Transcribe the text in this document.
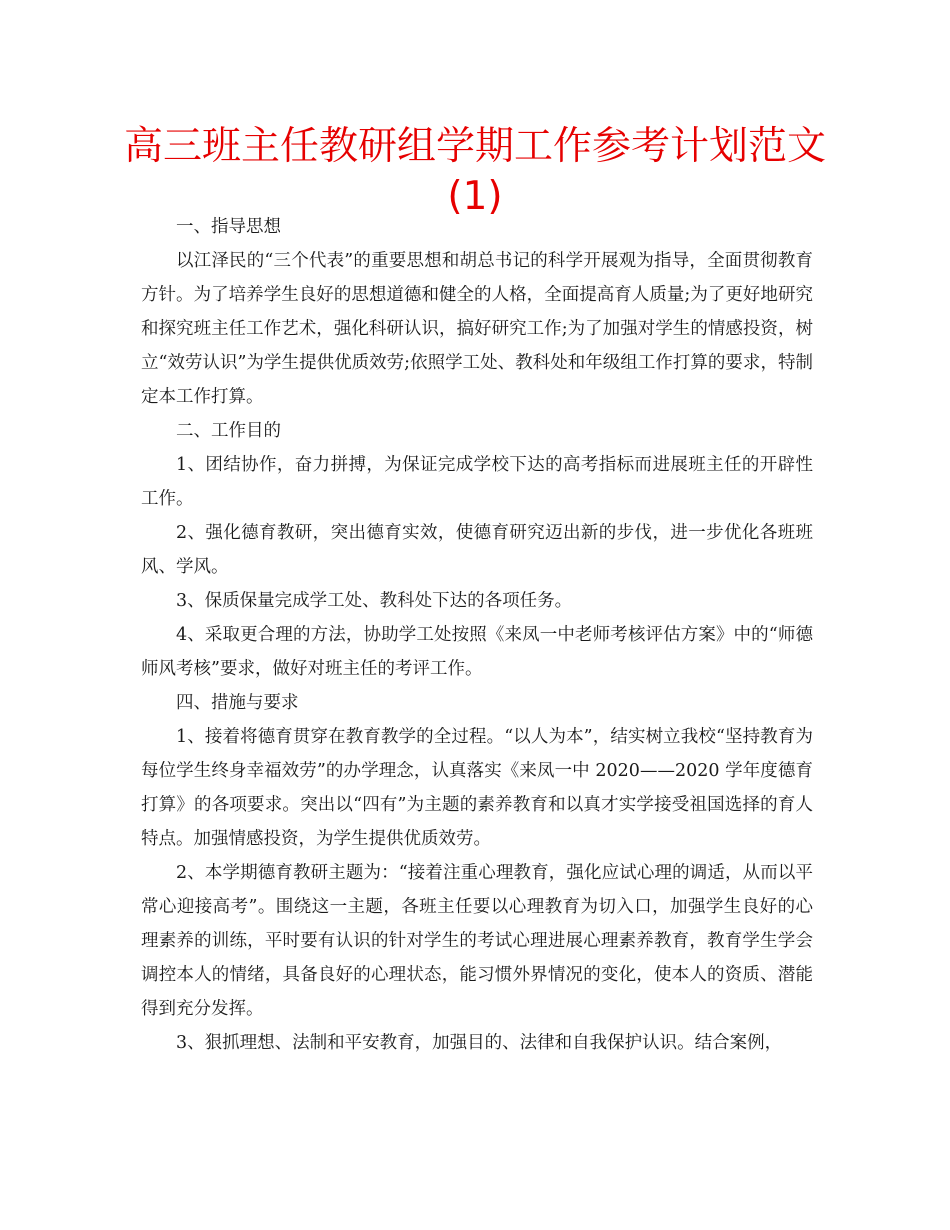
高三班主任教研组学期工作参考计划范文
(1)

一、指导思想

以江泽民的“三个代表”的重要思想和胡总书记的科学开展观为指导，全面贯彻教育方针。为了培养学生良好的思想道德和健全的人格，全面提高育人质量;为了更好地研究和探究班主任工作艺术，强化科研认识，搞好研究工作;为了加强对学生的情感投资，树立“效劳认识”为学生提供优质效劳;依照学工处、教科处和年级组工作打算的要求，特制定本工作打算。

二、工作目的

1、团结协作，奋力拼搏，为保证完成学校下达的高考指标而进展班主任的开辟性工作。

2、强化德育教研，突出德育实效，使德育研究迈出新的步伐，进一步优化各班班风、学风。

3、保质保量完成学工处、教科处下达的各项任务。

4、采取更合理的方法，协助学工处按照《来凤一中老师考核评估方案》中的“师德师风考核”要求，做好对班主任的考评工作。

四、措施与要求

1、接着将德育贯穿在教育教学的全过程。“以人为本”，结实树立我校“坚持教育为每位学生终身幸福效劳”的办学理念，认真落实《来凤一中 2020——2020 学年度德育打算》的各项要求。突出以“四有”为主题的素养教育和以真才实学接受祖国选择的育人特点。加强情感投资，为学生提供优质效劳。

2、本学期德育教研主题为：“接着注重心理教育，强化应试心理的调适，从而以平常心迎接高考”。围绕这一主题，各班主任要以心理教育为切入口，加强学生良好的心理素养的训练，平时要有认识的针对学生的考试心理进展心理素养教育，教育学生学会调控本人的情绪，具备良好的心理状态，能习惯外界情况的变化，使本人的资质、潜能得到充分发挥。

3、狠抓理想、法制和平安教育，加强目的、法律和自我保护认识。结合案例，
